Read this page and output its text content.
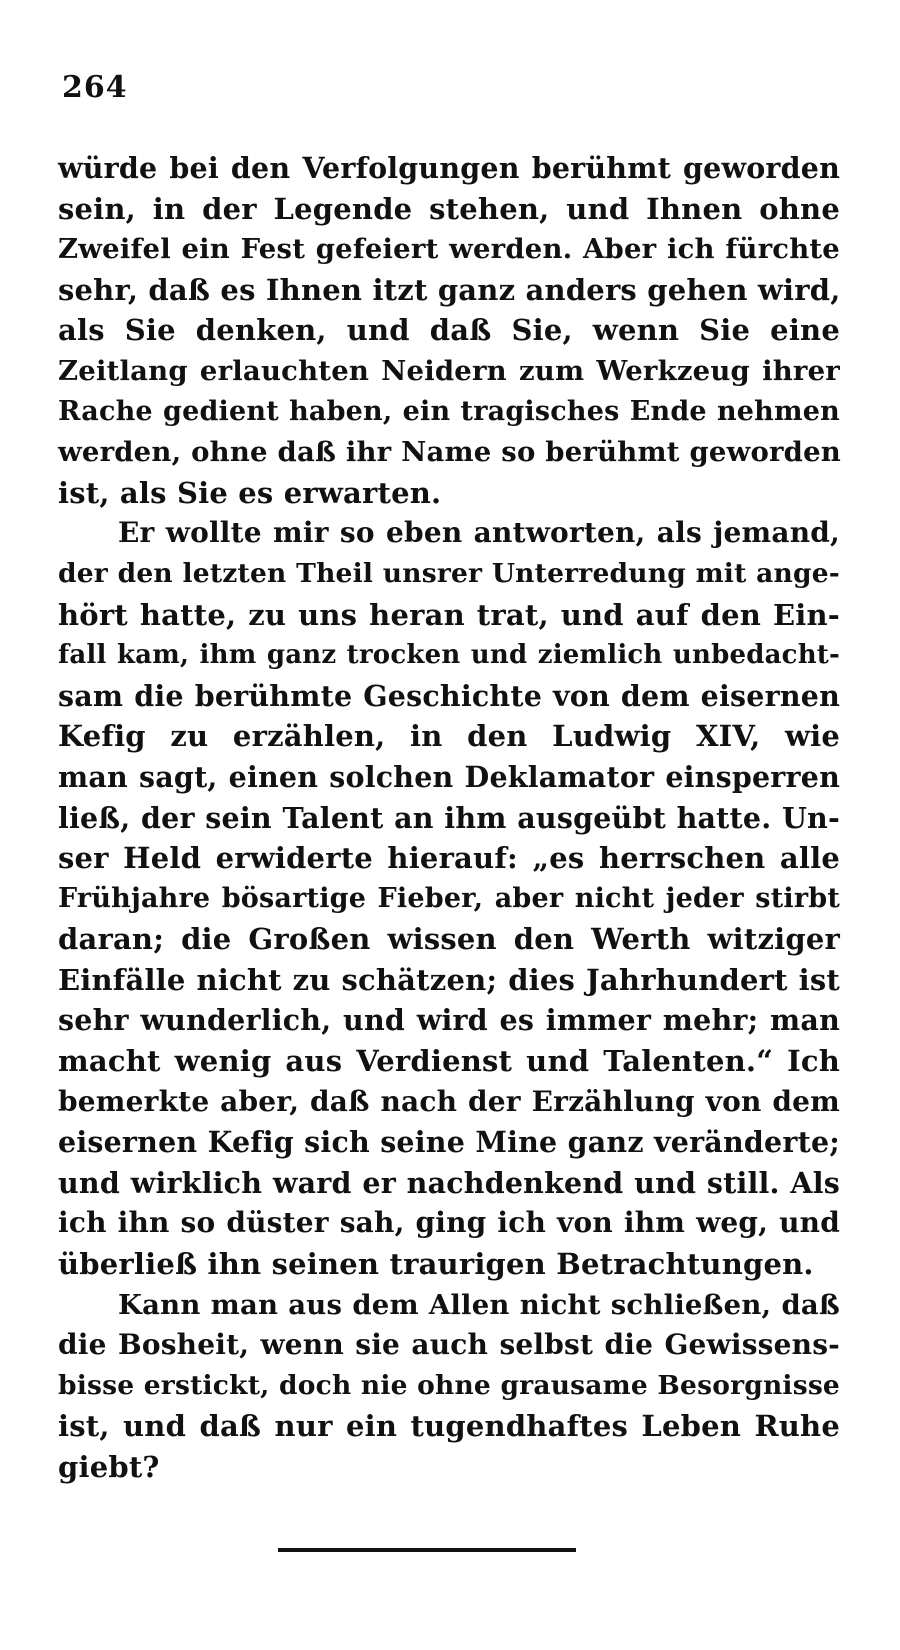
264
würde bei den Verfolgungen berühmt geworden
sein, in der Legende stehen, und Ihnen ohne
Zweifel ein Fest gefeiert werden. Aber ich fürchte
sehr, daß es Ihnen itzt ganz anders gehen wird,
als Sie denken, und daß Sie, wenn Sie eine
Zeitlang erlauchten Neidern zum Werkzeug ihrer
Rache gedient haben, ein tragisches Ende nehmen
werden, ohne daß ihr Name so berühmt geworden
ist, als Sie es erwarten.
Er wollte mir so eben antworten, als jemand,
der den letzten Theil unsrer Unterredung mit ange-
hört hatte, zu uns heran trat, und auf den Ein-
fall kam, ihm ganz trocken und ziemlich unbedacht-
sam die berühmte Geschichte von dem eisernen
Kefig zu erzählen, in den Ludwig XIV, wie
man sagt, einen solchen Deklamator einsperren
ließ, der sein Talent an ihm ausgeübt hatte. Un-
ser Held erwiderte hierauf: „es herrschen alle
Frühjahre bösartige Fieber, aber nicht jeder stirbt
daran; die Großen wissen den Werth witziger
Einfälle nicht zu schätzen; dies Jahrhundert ist
sehr wunderlich, und wird es immer mehr; man
macht wenig aus Verdienst und Talenten.“ Ich
bemerkte aber, daß nach der Erzählung von dem
eisernen Kefig sich seine Mine ganz veränderte;
und wirklich ward er nachdenkend und still. Als
ich ihn so düster sah, ging ich von ihm weg, und
überließ ihn seinen traurigen Betrachtungen.
Kann man aus dem Allen nicht schließen, daß
die Bosheit, wenn sie auch selbst die Gewissens-
bisse erstickt, doch nie ohne grausame Besorgnisse
ist, und daß nur ein tugendhaftes Leben Ruhe
giebt?
